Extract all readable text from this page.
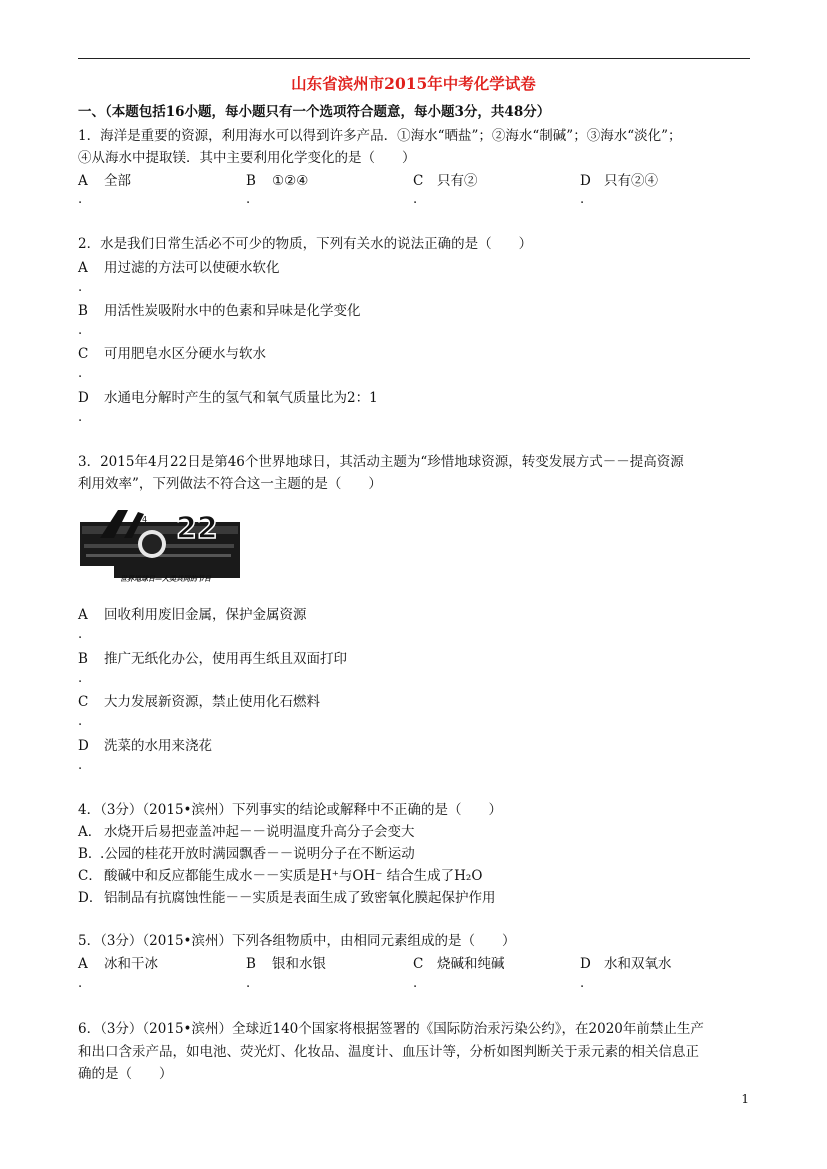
山东省滨州市2015年中考化学试卷
一、（本题包括16小题，每小题只有一个选项符合题意，每小题3分，共48分）
1．海洋是重要的资源，利用海水可以得到许多产品．①海水“晒盐”；②海水“制碱”；③海水“淡化”；
④从海水中提取镁．其中主要利用化学变化的是（　　）
A 全部	B ①②④	C 只有②	D 只有②④
.	.	.	.
2．水是我们日常生活必不可少的物质，下列有关水的说法正确的是（　　）
A 用过滤的方法可以使硬水软化
.
B 用活性炭吸附水中的色素和异味是化学变化
.
C 可用肥皂水区分硬水与软水
.
D 水通电分解时产生的氢气和氧气质量比为2：1
.
3．2015年4月22日是第46个世界地球日，其活动主题为“珍惜地球资源，转变发展方式－－提高资源
利用效率”，下列做法不符合这一主题的是（　　）
22
4
世界地球日—人类共同的节日
A 回收利用废旧金属，保护金属资源
.
B 推广无纸化办公，使用再生纸且双面打印
.
C 大力发展新资源，禁止使用化石燃料
.
D 洗菜的水用来浇花
.
4．（3分）（2015•滨州）下列事实的结论或解释中不正确的是（　　）
A． 水烧开后易把壶盖冲起－－说明温度升高分子会变大
B．
.公园的桂花开放时满园飘香－－说明分子在不断运动
C． 酸碱中和反应都能生成水－－实质是H⁺与OH⁻ 结合生成了H₂O
D． 铝制品有抗腐蚀性能－－实质是表面生成了致密氧化膜起保护作用
5．（3分）（2015•滨州）下列各组物质中，由相同元素组成的是（　　）
A 冰和干冰	B 银和水银	C 烧碱和纯碱	D 水和双氧水
.	.	.	.
6．（3分）（2015•滨州）全球近140个国家将根据签署的《国际防治汞污染公约》，在2020年前禁止生产
和出口含汞产品，如电池、荧光灯、化妆品、温度计、血压计等，分析如图判断关于汞元素的相关信息正
确的是（　　）
1
